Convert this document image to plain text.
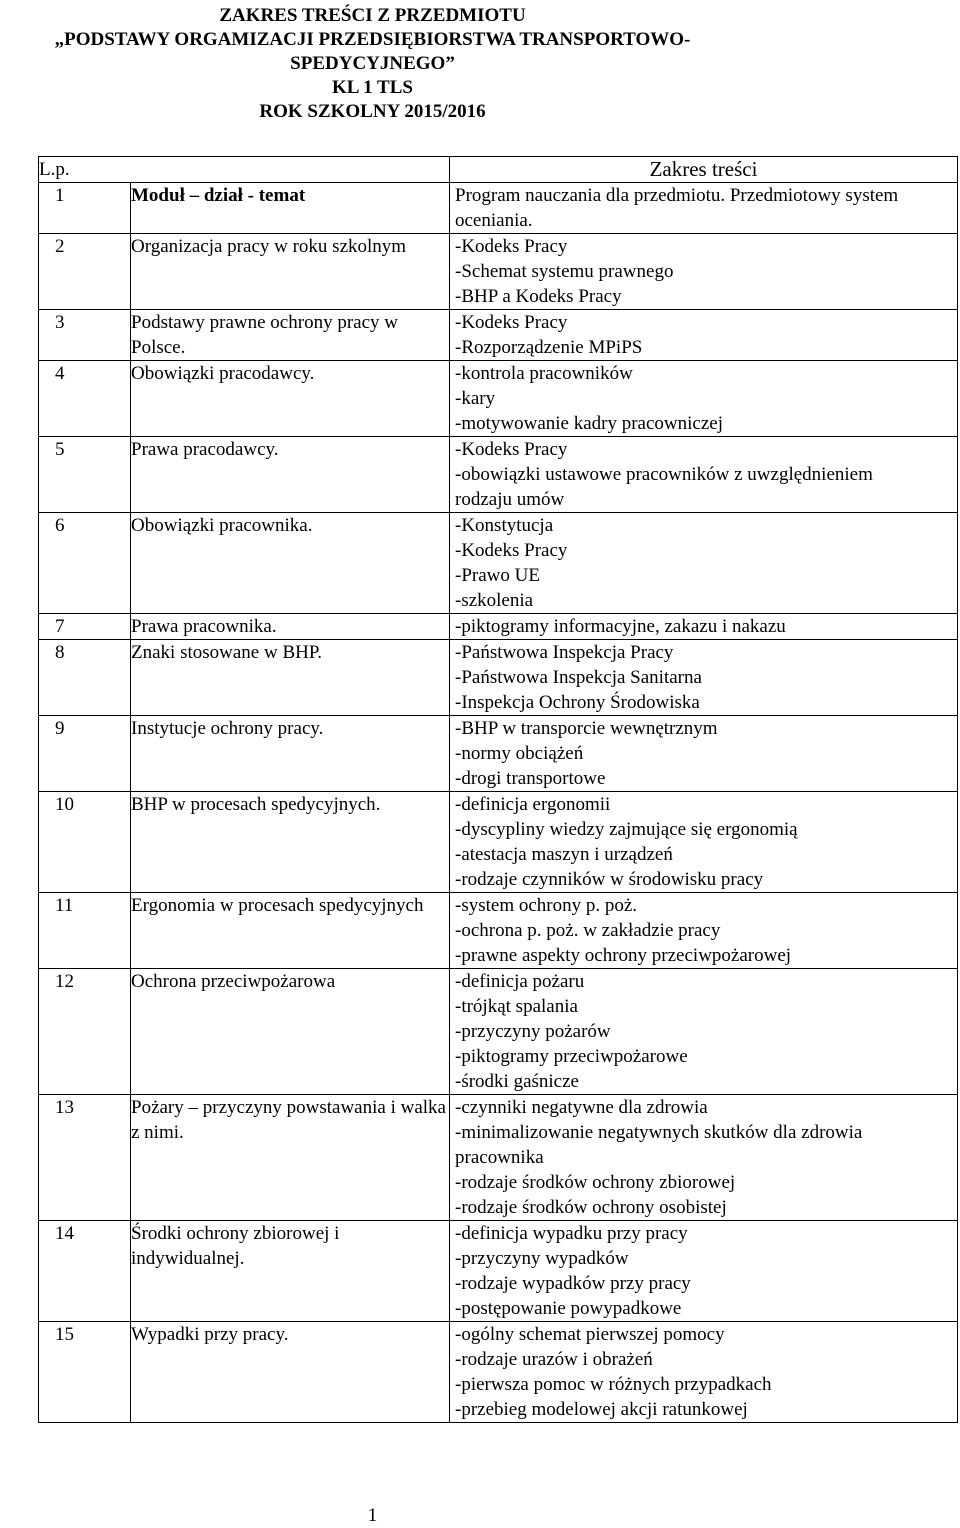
ZAKRES TREŚCI Z PRZEDMIOTU
„PODSTAWY ORGAMIZACJI PRZEDSIĘBIORSTWA TRANSPORTOWO-
SPEDYCYJNEGO”
KL 1 TLS
ROK SZKOLNY 2015/2016
L.p.		Zakres treści
1	Moduł – dział - temat	Program nauczania dla przedmiotu. Przedmiotowy system
oceniania.

2	Organizacja pracy w roku szkolnym	-Kodeks Pracy
-Schemat systemu prawnego
-BHP a Kodeks Pracy

3	Podstawy prawne ochrony pracy w Polsce.	-Kodeks Pracy
-Rozporządzenie MPiPS

4	Obowiązki pracodawcy.	-kontrola pracowników
-kary
-motywowanie kadry pracowniczej

5	Prawa pracodawcy.	-Kodeks Pracy
-obowiązki ustawowe pracowników z uwzględnieniem
rodzaju umów

6	Obowiązki pracownika.	-Konstytucja
-Kodeks Pracy
-Prawo UE
-szkolenia

7	Prawa pracownika.	-piktogramy informacyjne, zakazu i nakazu

8	Znaki stosowane w BHP.	-Państwowa Inspekcja Pracy
-Państwowa Inspekcja Sanitarna
-Inspekcja Ochrony Środowiska

9	Instytucje ochrony pracy.	-BHP w transporcie wewnętrznym
-normy obciążeń
-drogi transportowe

10	BHP w procesach spedycyjnych.	-definicja ergonomii
-dyscypliny wiedzy zajmujące się ergonomią
-atestacja maszyn i urządzeń
-rodzaje czynników w środowisku pracy

11	Ergonomia w procesach spedycyjnych	-system ochrony p. poż.
-ochrona p. poż. w zakładzie pracy
-prawne aspekty ochrony przeciwpożarowej

12	Ochrona przeciwpożarowa	-definicja pożaru
-trójkąt spalania
-przyczyny pożarów
-piktogramy przeciwpożarowe
-środki gaśnicze

13	Pożary – przyczyny powstawania i walka z nimi.	-czynniki negatywne dla zdrowia
-minimalizowanie negatywnych skutków dla zdrowia
pracownika
-rodzaje środków ochrony zbiorowej
-rodzaje środków ochrony osobistej

14	Środki ochrony zbiorowej i indywidualnej.	-definicja wypadku przy pracy
-przyczyny wypadków
-rodzaje wypadków przy pracy
-postępowanie powypadkowe

15	Wypadki przy pracy.	-ogólny schemat pierwszej pomocy
-rodzaje urazów i obrażeń
-pierwsza pomoc w różnych przypadkach
-przebieg modelowej akcji ratunkowej
1
